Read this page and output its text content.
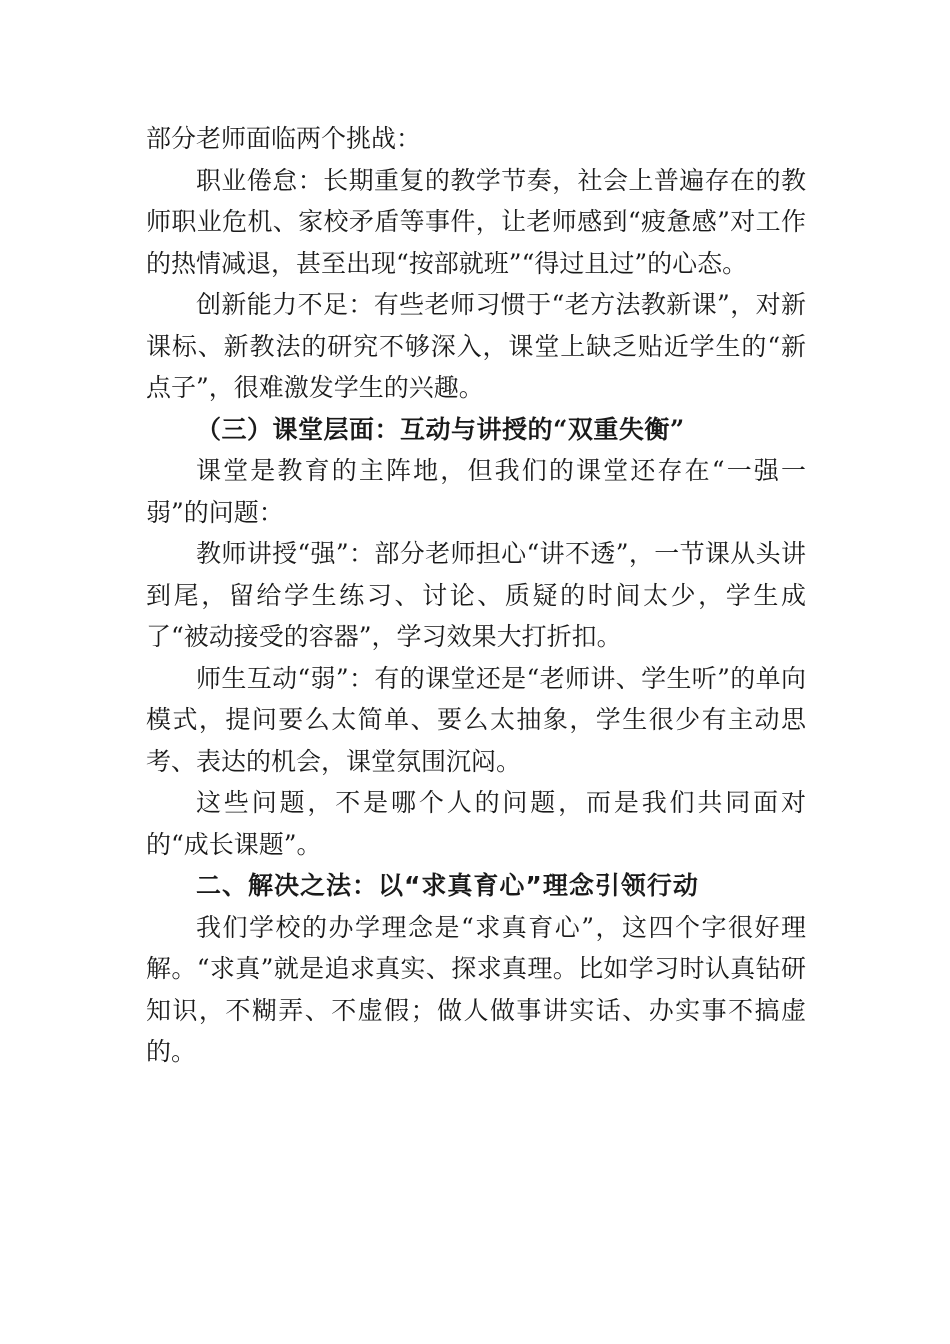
部分老师面临两个挑战：

职业倦怠：长期重复的教学节奏，社会上普遍存在的教师职业危机、家校矛盾等事件，让老师感到“疲惫感”对工作的热情减退，甚至出现“按部就班”“得过且过”的心态。

创新能力不足：有些老师习惯于“老方法教新课”，对新课标、新教法的研究不够深入，课堂上缺乏贴近学生的“新点子”，很难激发学生的兴趣。

（三）课堂层面：互动与讲授的“双重失衡”

课堂是教育的主阵地，但我们的课堂还存在“一强一弱”的问题：

教师讲授“强”：部分老师担心“讲不透”，一节课从头讲到尾，留给学生练习、讨论、质疑的时间太少，学生成了“被动接受的容器”，学习效果大打折扣。

师生互动“弱”：有的课堂还是“老师讲、学生听”的单向模式，提问要么太简单、要么太抽象，学生很少有主动思考、表达的机会，课堂氛围沉闷。

这些问题，不是哪个人的问题，而是我们共同面对的“成长课题”。

二、解决之法：以“求真育心”理念引领行动

我们学校的办学理念是“求真育心”，这四个字很好理解。“求真”就是追求真实、探求真理。比如学习时认真钻研知识，不糊弄、不虚假；做人做事讲实话、办实事不搞虚的。
